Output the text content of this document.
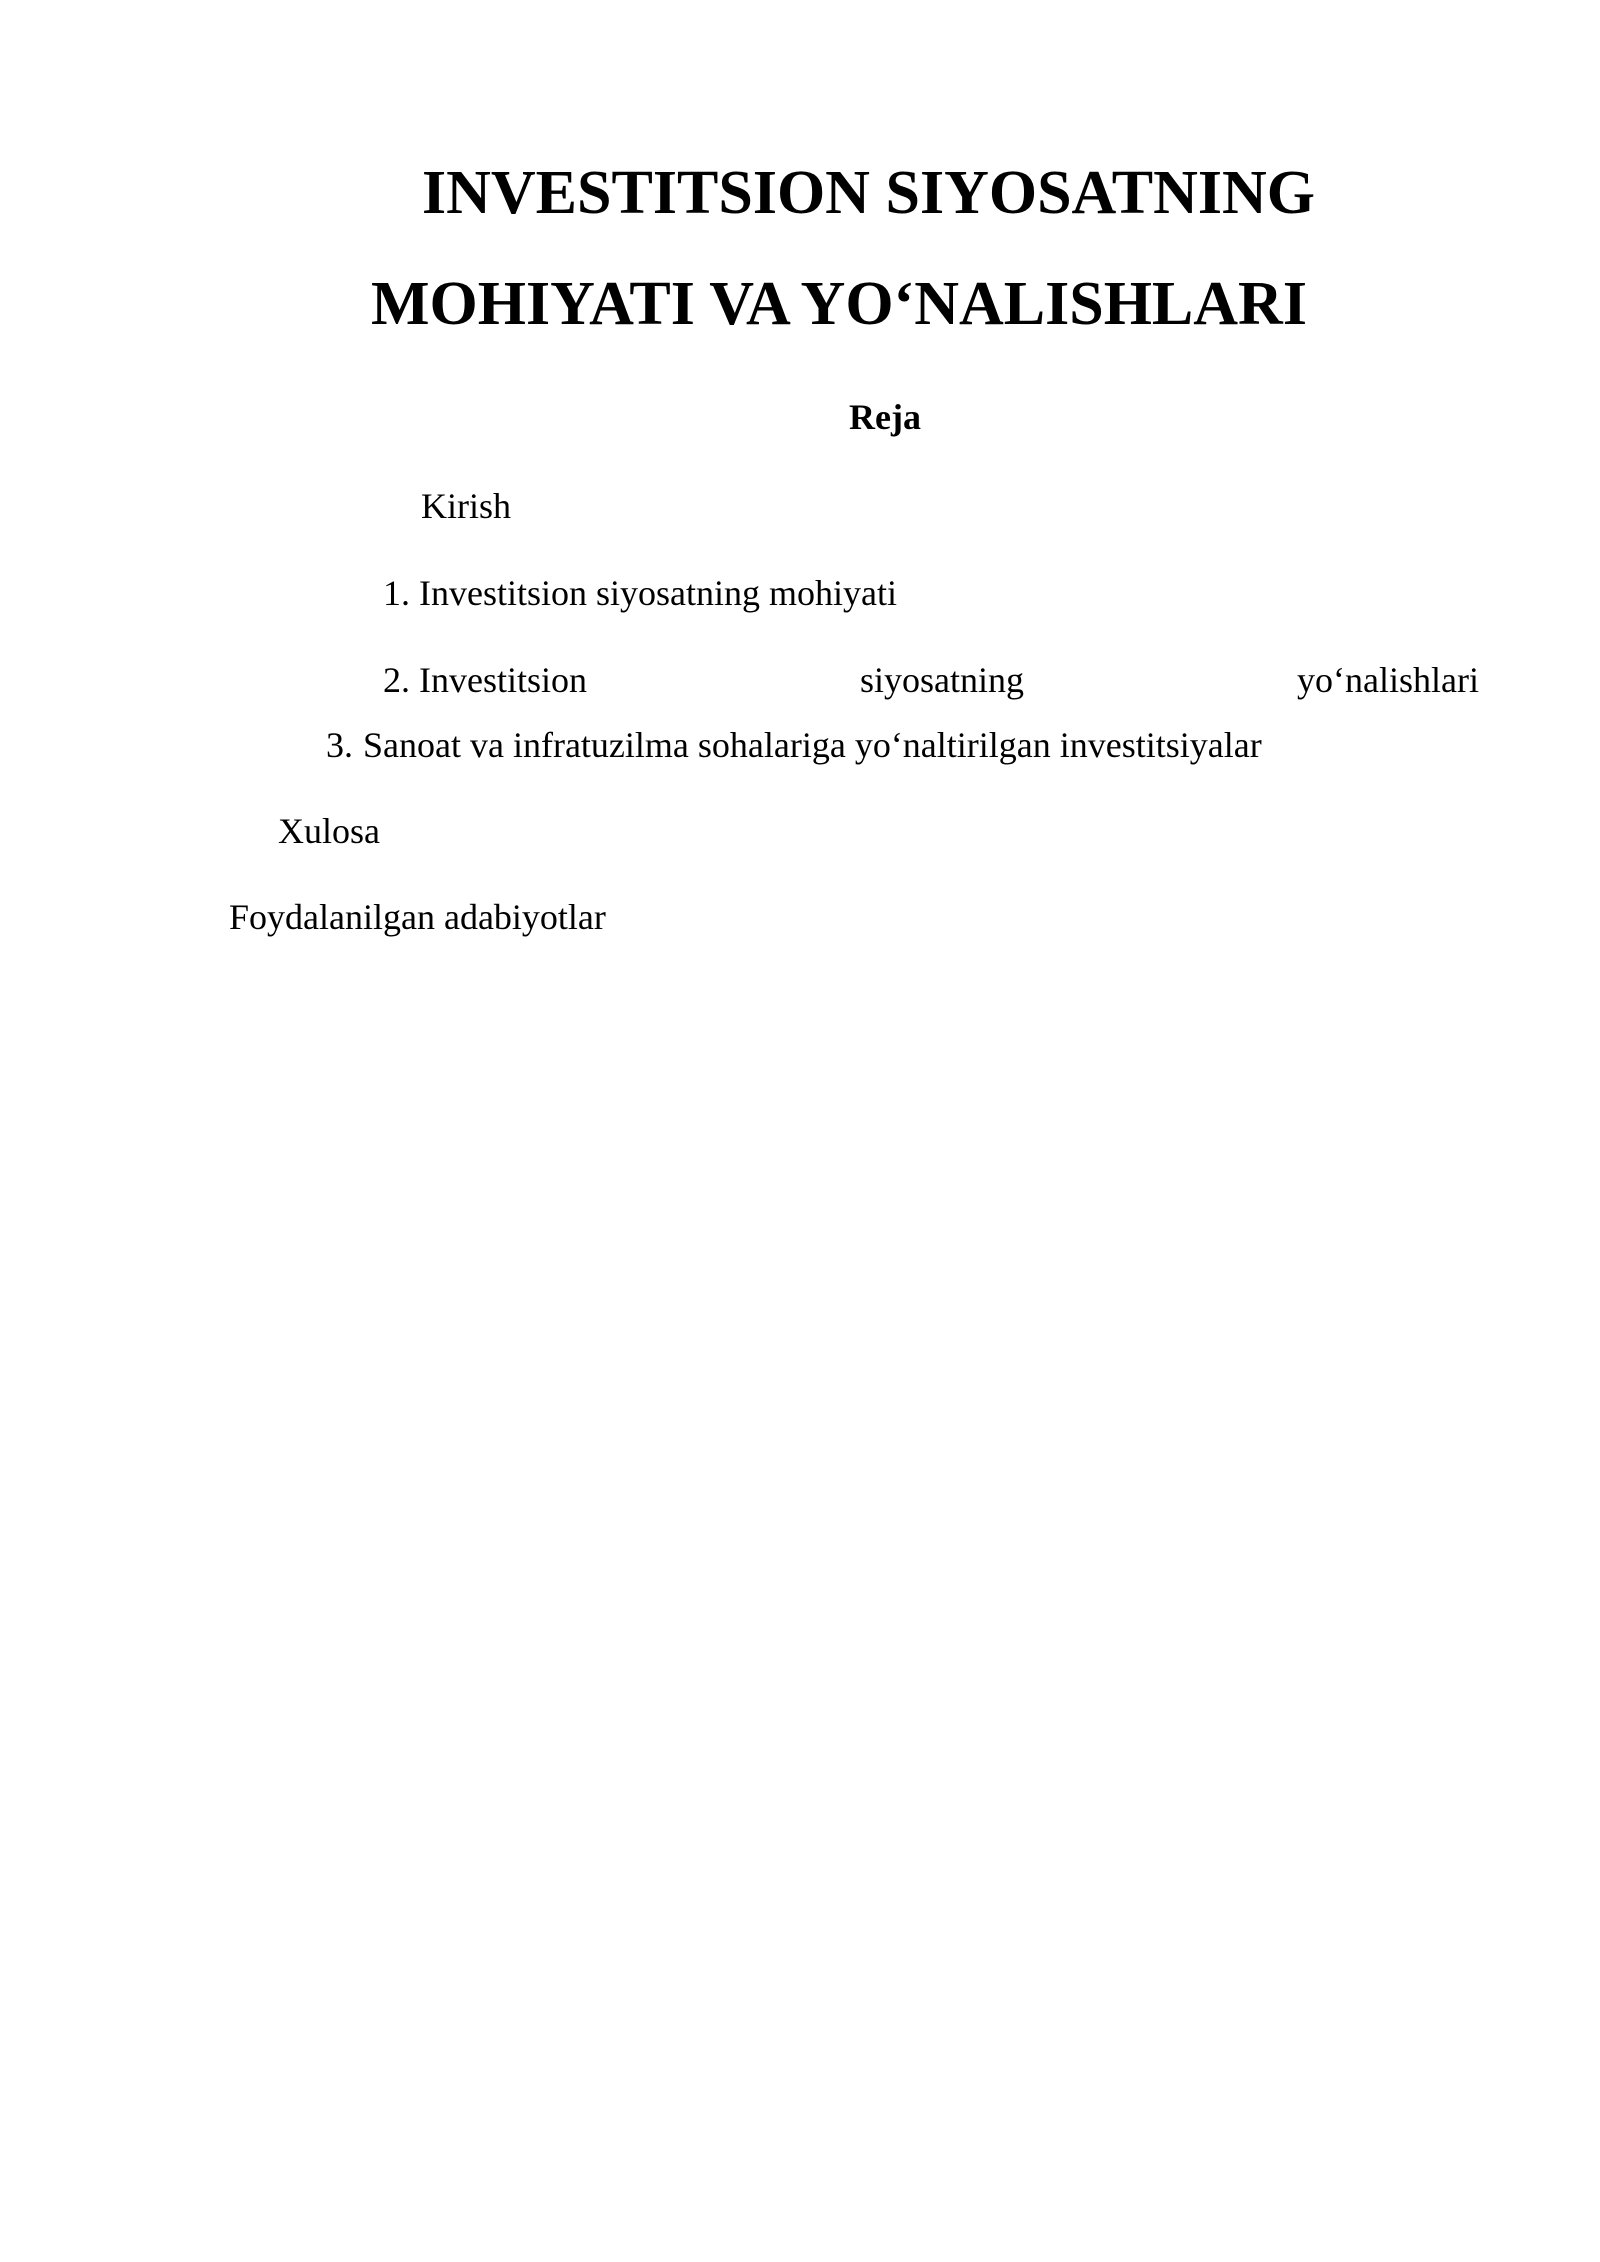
INVESTITSION SIYOSATNING
MOHIYATI VA YO‘NALISHLARI
Reja
Kirish
1. Investitsion siyosatning mohiyati
2. Investitsion	siyosatning	yo‘nalishlari
3. Sanoat va infratuzilma sohalariga yo‘naltirilgan investitsiyalar
Xulosa
Foydalanilgan adabiyotlar
